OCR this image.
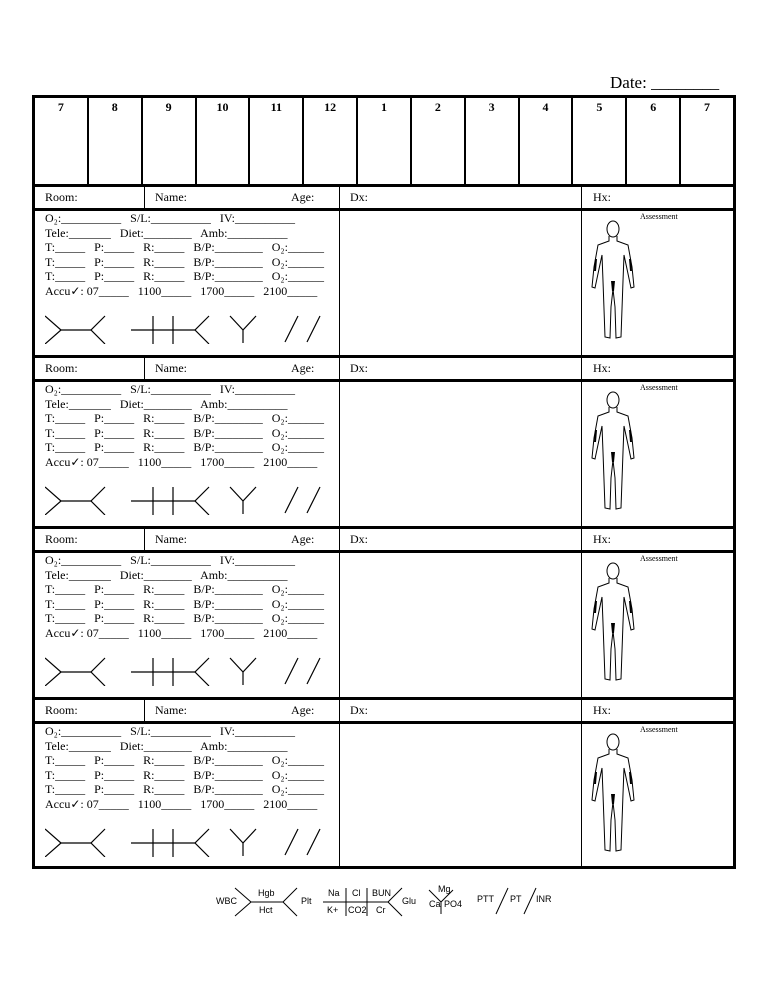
Date: ________
7	8	9	10	11	12	1	2	3	4	5	6	7
Room:	Name:	Age:	Dx:	Hx:
O₂:__________   S/L:__________   IV:__________
Tele:_______   Diet:________   Amb:__________
T:_____   P:_____   R:_____   B/P:________   O₂:______
T:_____   P:_____   R:_____   B/P:________   O₂:______
T:_____   P:_____   R:_____   B/P:________   O₂:______
Accu✓: 07_____   1100_____   1700_____   2100_____
Assessment
Room:	Name:	Age:	Dx:	Hx:
O₂:__________   S/L:__________   IV:__________
Tele:_______   Diet:________   Amb:__________
T:_____   P:_____   R:_____   B/P:________   O₂:______
T:_____   P:_____   R:_____   B/P:________   O₂:______
T:_____   P:_____   R:_____   B/P:________   O₂:______
Accu✓: 07_____   1100_____   1700_____   2100_____
Assessment
Room:	Name:	Age:	Dx:	Hx:
O₂:__________   S/L:__________   IV:__________
Tele:_______   Diet:________   Amb:__________
T:_____   P:_____   R:_____   B/P:________   O₂:______
T:_____   P:_____   R:_____   B/P:________   O₂:______
T:_____   P:_____   R:_____   B/P:________   O₂:______
Accu✓: 07_____   1100_____   1700_____   2100_____
Assessment
Room:	Name:	Age:	Dx:	Hx:
O₂:__________   S/L:__________   IV:__________
Tele:_______   Diet:________   Amb:__________
T:_____   P:_____   R:_____   B/P:________   O₂:______
T:_____   P:_____   R:_____   B/P:________   O₂:______
T:_____   P:_____   R:_____   B/P:________   O₂:______
Accu✓: 07_____   1100_____   1700_____   2100_____
Assessment
WBC
Hgb
Hct
Plt
Na Cl BUN
K+ CO2 Cr
Glu
Mg
Ca PO4 PTT PT INR
